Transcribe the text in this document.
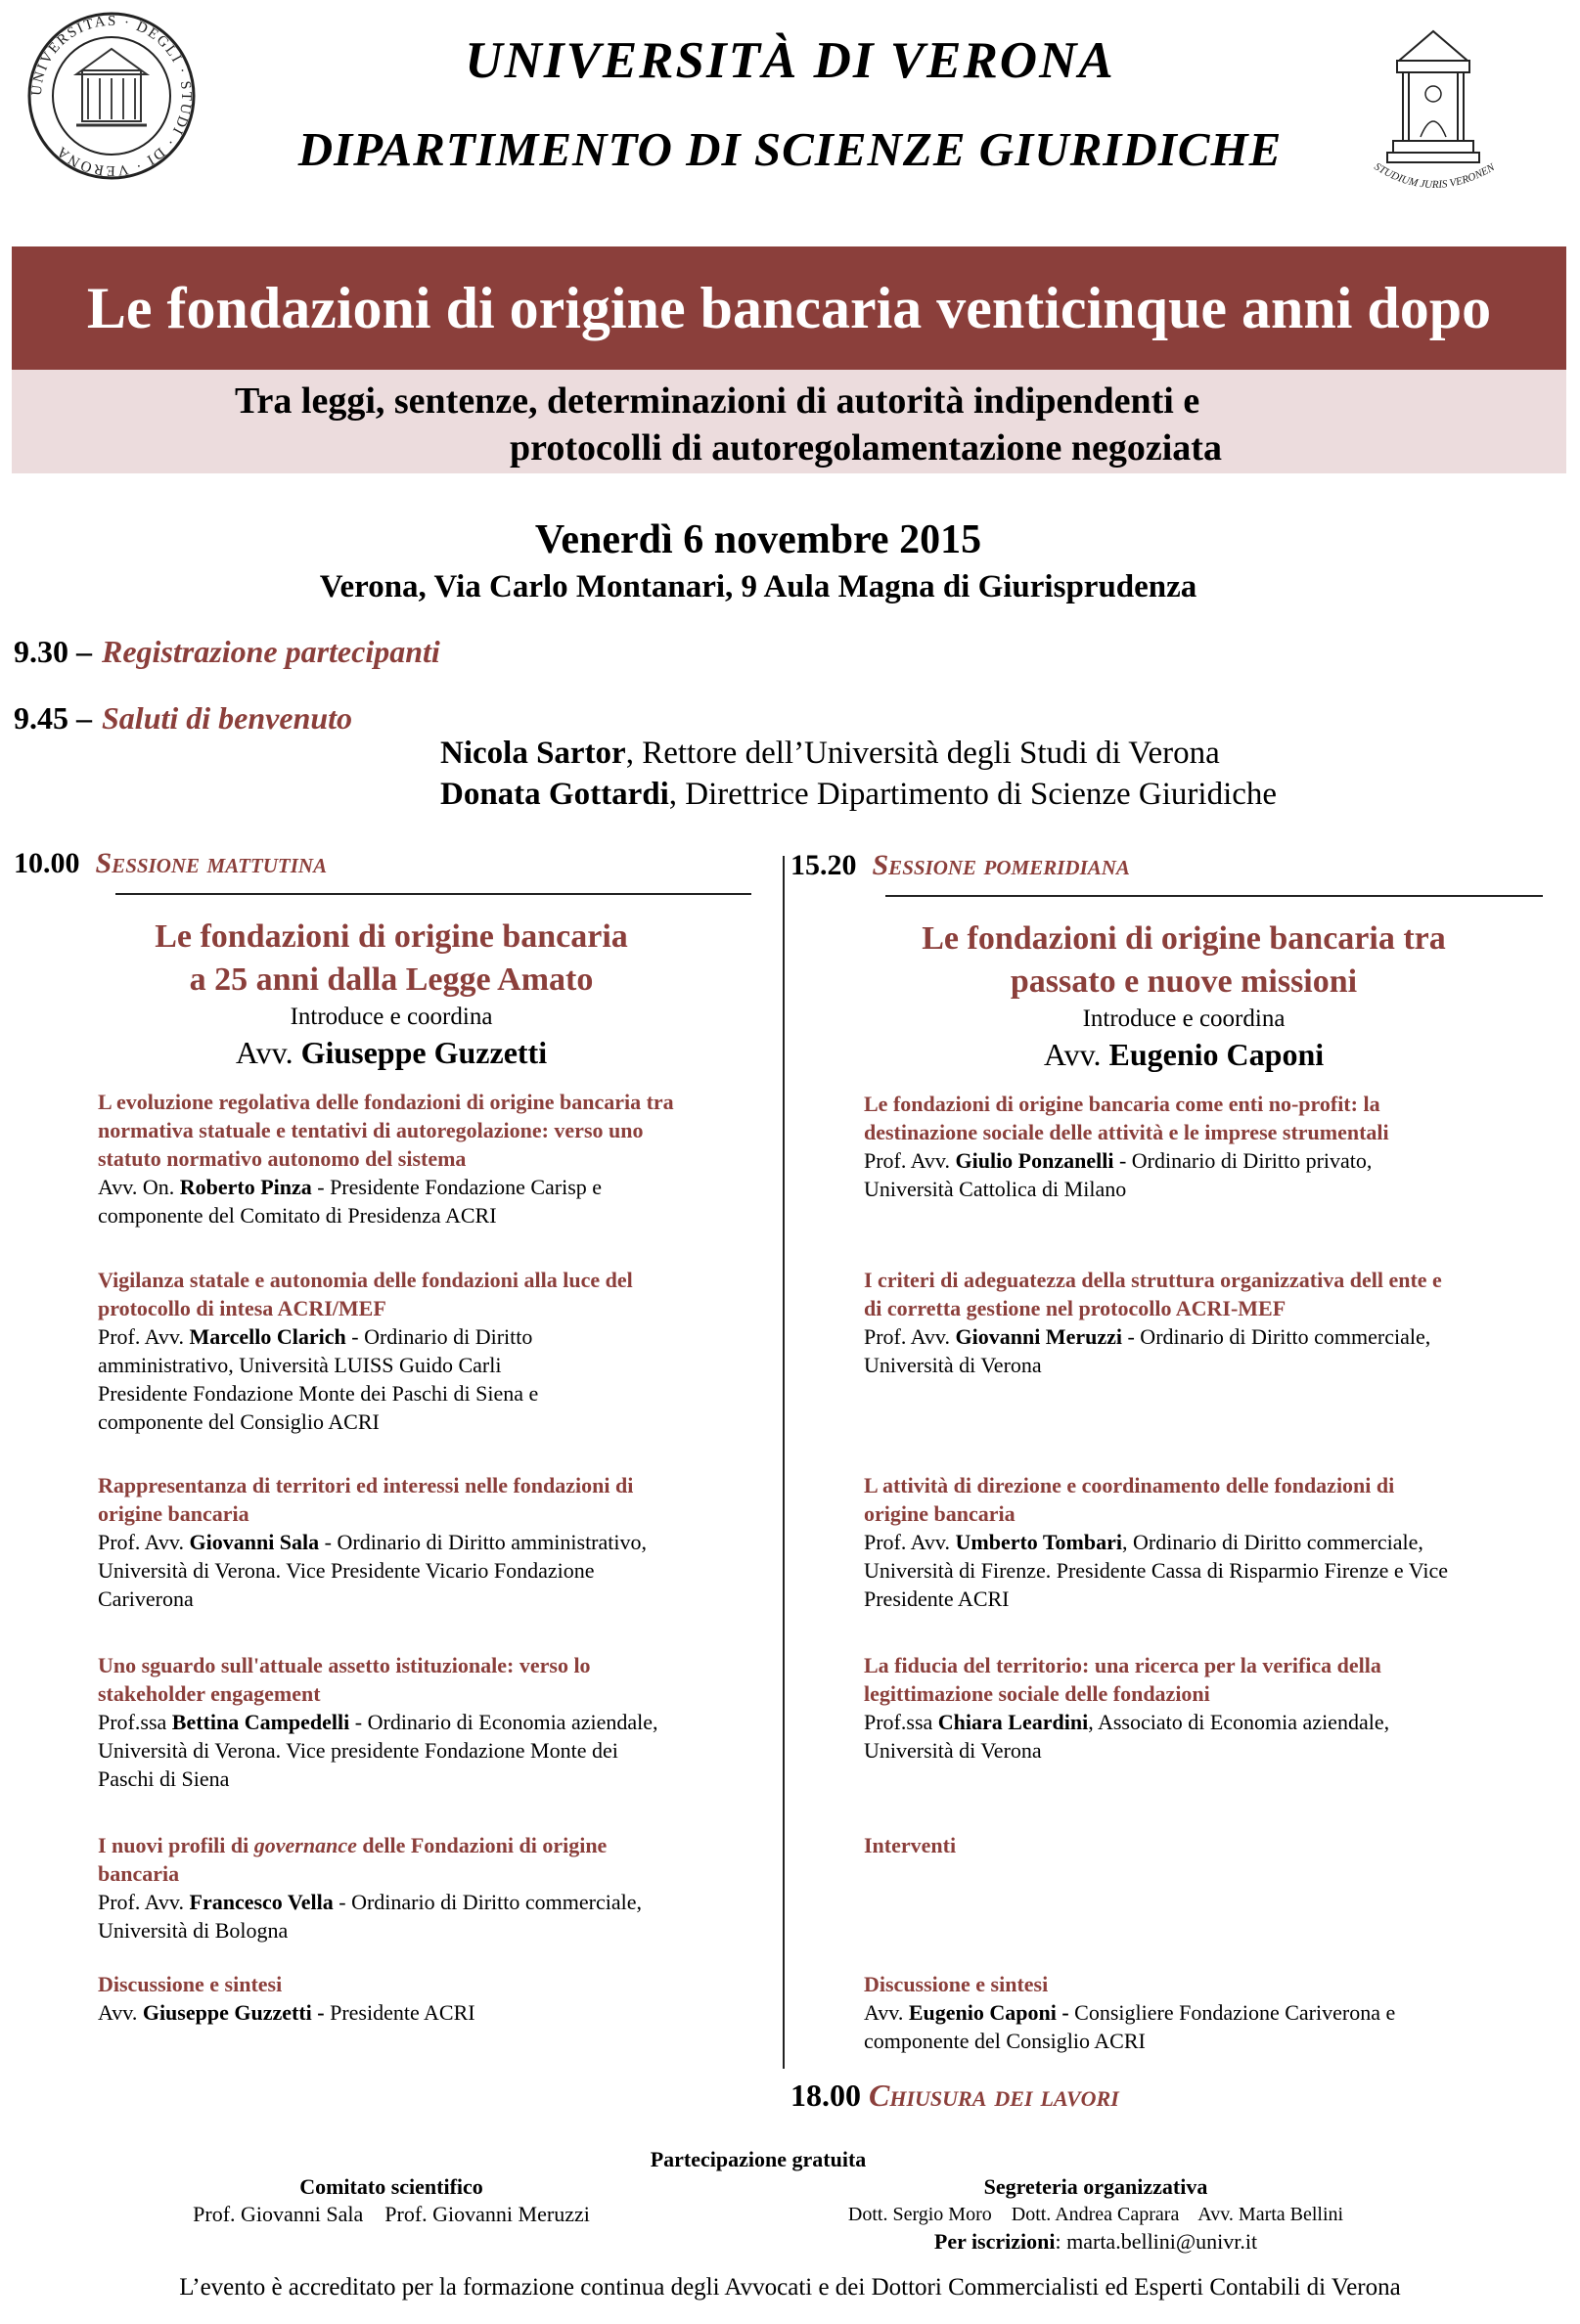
UNIVERSITAS · DEGLI · STUDI · DI · VERONA
UNIVERSITÀ DI VERONA
DIPARTIMENTO DI SCIENZE GIURIDICHE	STUDIUM JURIS VERONEN
Le fondazioni di origine bancaria venticinque anni dopo
Tra leggi, sentenze, determinazioni di autorità indipendenti e
protocolli di autoregolamentazione negoziata
Venerdì 6 novembre 2015
Verona, Via Carlo Montanari, 9 Aula Magna di Giurisprudenza
9.30 – Registrazione partecipanti
9.45 – Saluti di benvenuto
Nicola Sartor, Rettore dell’Università degli Studi di Verona
Donata Gottardi, Direttrice Dipartimento di Scienze Giuridiche
10.00 Sessione mattutina	15.20 Sessione pomeridiana
Le fondazioni di origine bancaria
a 25 anni dalla Legge Amato
Introduce e coordina
Avv. Giuseppe Guzzetti
Le fondazioni di origine bancaria tra
passato e nuove missioni
Introduce e coordina
Avv. Eugenio Caponi
L evoluzione regolativa delle fondazioni di origine bancaria tra
normativa statuale e tentativi di autoregolazione: verso uno
statuto normativo autonomo del sistema
Avv. On. Roberto Pinza - Presidente Fondazione Carisp e
componente del Comitato di Presidenza ACRI
Vigilanza statale e autonomia delle fondazioni alla luce del
protocollo di intesa ACRI/MEF
Prof. Avv. Marcello Clarich - Ordinario di Diritto
amministrativo, Università LUISS Guido Carli
Presidente Fondazione Monte dei Paschi di Siena e
componente del Consiglio ACRI
Rappresentanza di territori ed interessi nelle fondazioni di
origine bancaria
Prof. Avv. Giovanni Sala - Ordinario di Diritto amministrativo,
Università di Verona. Vice Presidente Vicario Fondazione
Cariverona
Uno sguardo sull'attuale assetto istituzionale: verso lo
stakeholder engagement
Prof.ssa Bettina Campedelli - Ordinario di Economia aziendale,
Università di Verona. Vice presidente Fondazione Monte dei
Paschi di Siena
I nuovi profili di governance delle Fondazioni di origine
bancaria
Prof. Avv. Francesco Vella - Ordinario di Diritto commerciale,
Università di Bologna
Discussione e sintesi
Avv. Giuseppe Guzzetti - Presidente ACRI
Le fondazioni di origine bancaria come enti no-profit: la
destinazione sociale delle attività e le imprese strumentali
Prof. Avv. Giulio Ponzanelli - Ordinario di Diritto privato,
Università Cattolica di Milano
I criteri di adeguatezza della struttura organizzativa dell ente e
di corretta gestione nel protocollo ACRI-MEF
Prof. Avv. Giovanni Meruzzi - Ordinario di Diritto commerciale,
Università di Verona
L attività di direzione e coordinamento delle fondazioni di
origine bancaria
Prof. Avv. Umberto Tombari, Ordinario di Diritto commerciale,
Università di Firenze. Presidente Cassa di Risparmio Firenze e Vice
Presidente ACRI
La fiducia del territorio: una ricerca per la verifica della
legittimazione sociale delle fondazioni
Prof.ssa Chiara Leardini, Associato di Economia aziendale,
Università di Verona
Interventi
Discussione e sintesi
Avv. Eugenio Caponi - Consigliere Fondazione Cariverona e
componente del Consiglio ACRI
18.00 Chiusura dei lavori
Partecipazione gratuita
Comitato scientifico
Prof. Giovanni Sala    Prof. Giovanni Meruzzi
Segreteria organizzativa
Dott. Sergio Moro    Dott. Andrea Caprara    Avv. Marta Bellini
Per iscrizioni: marta.bellini@univr.it
L’evento è accreditato per la formazione continua degli Avvocati e dei Dottori Commercialisti ed Esperti Contabili di Verona
